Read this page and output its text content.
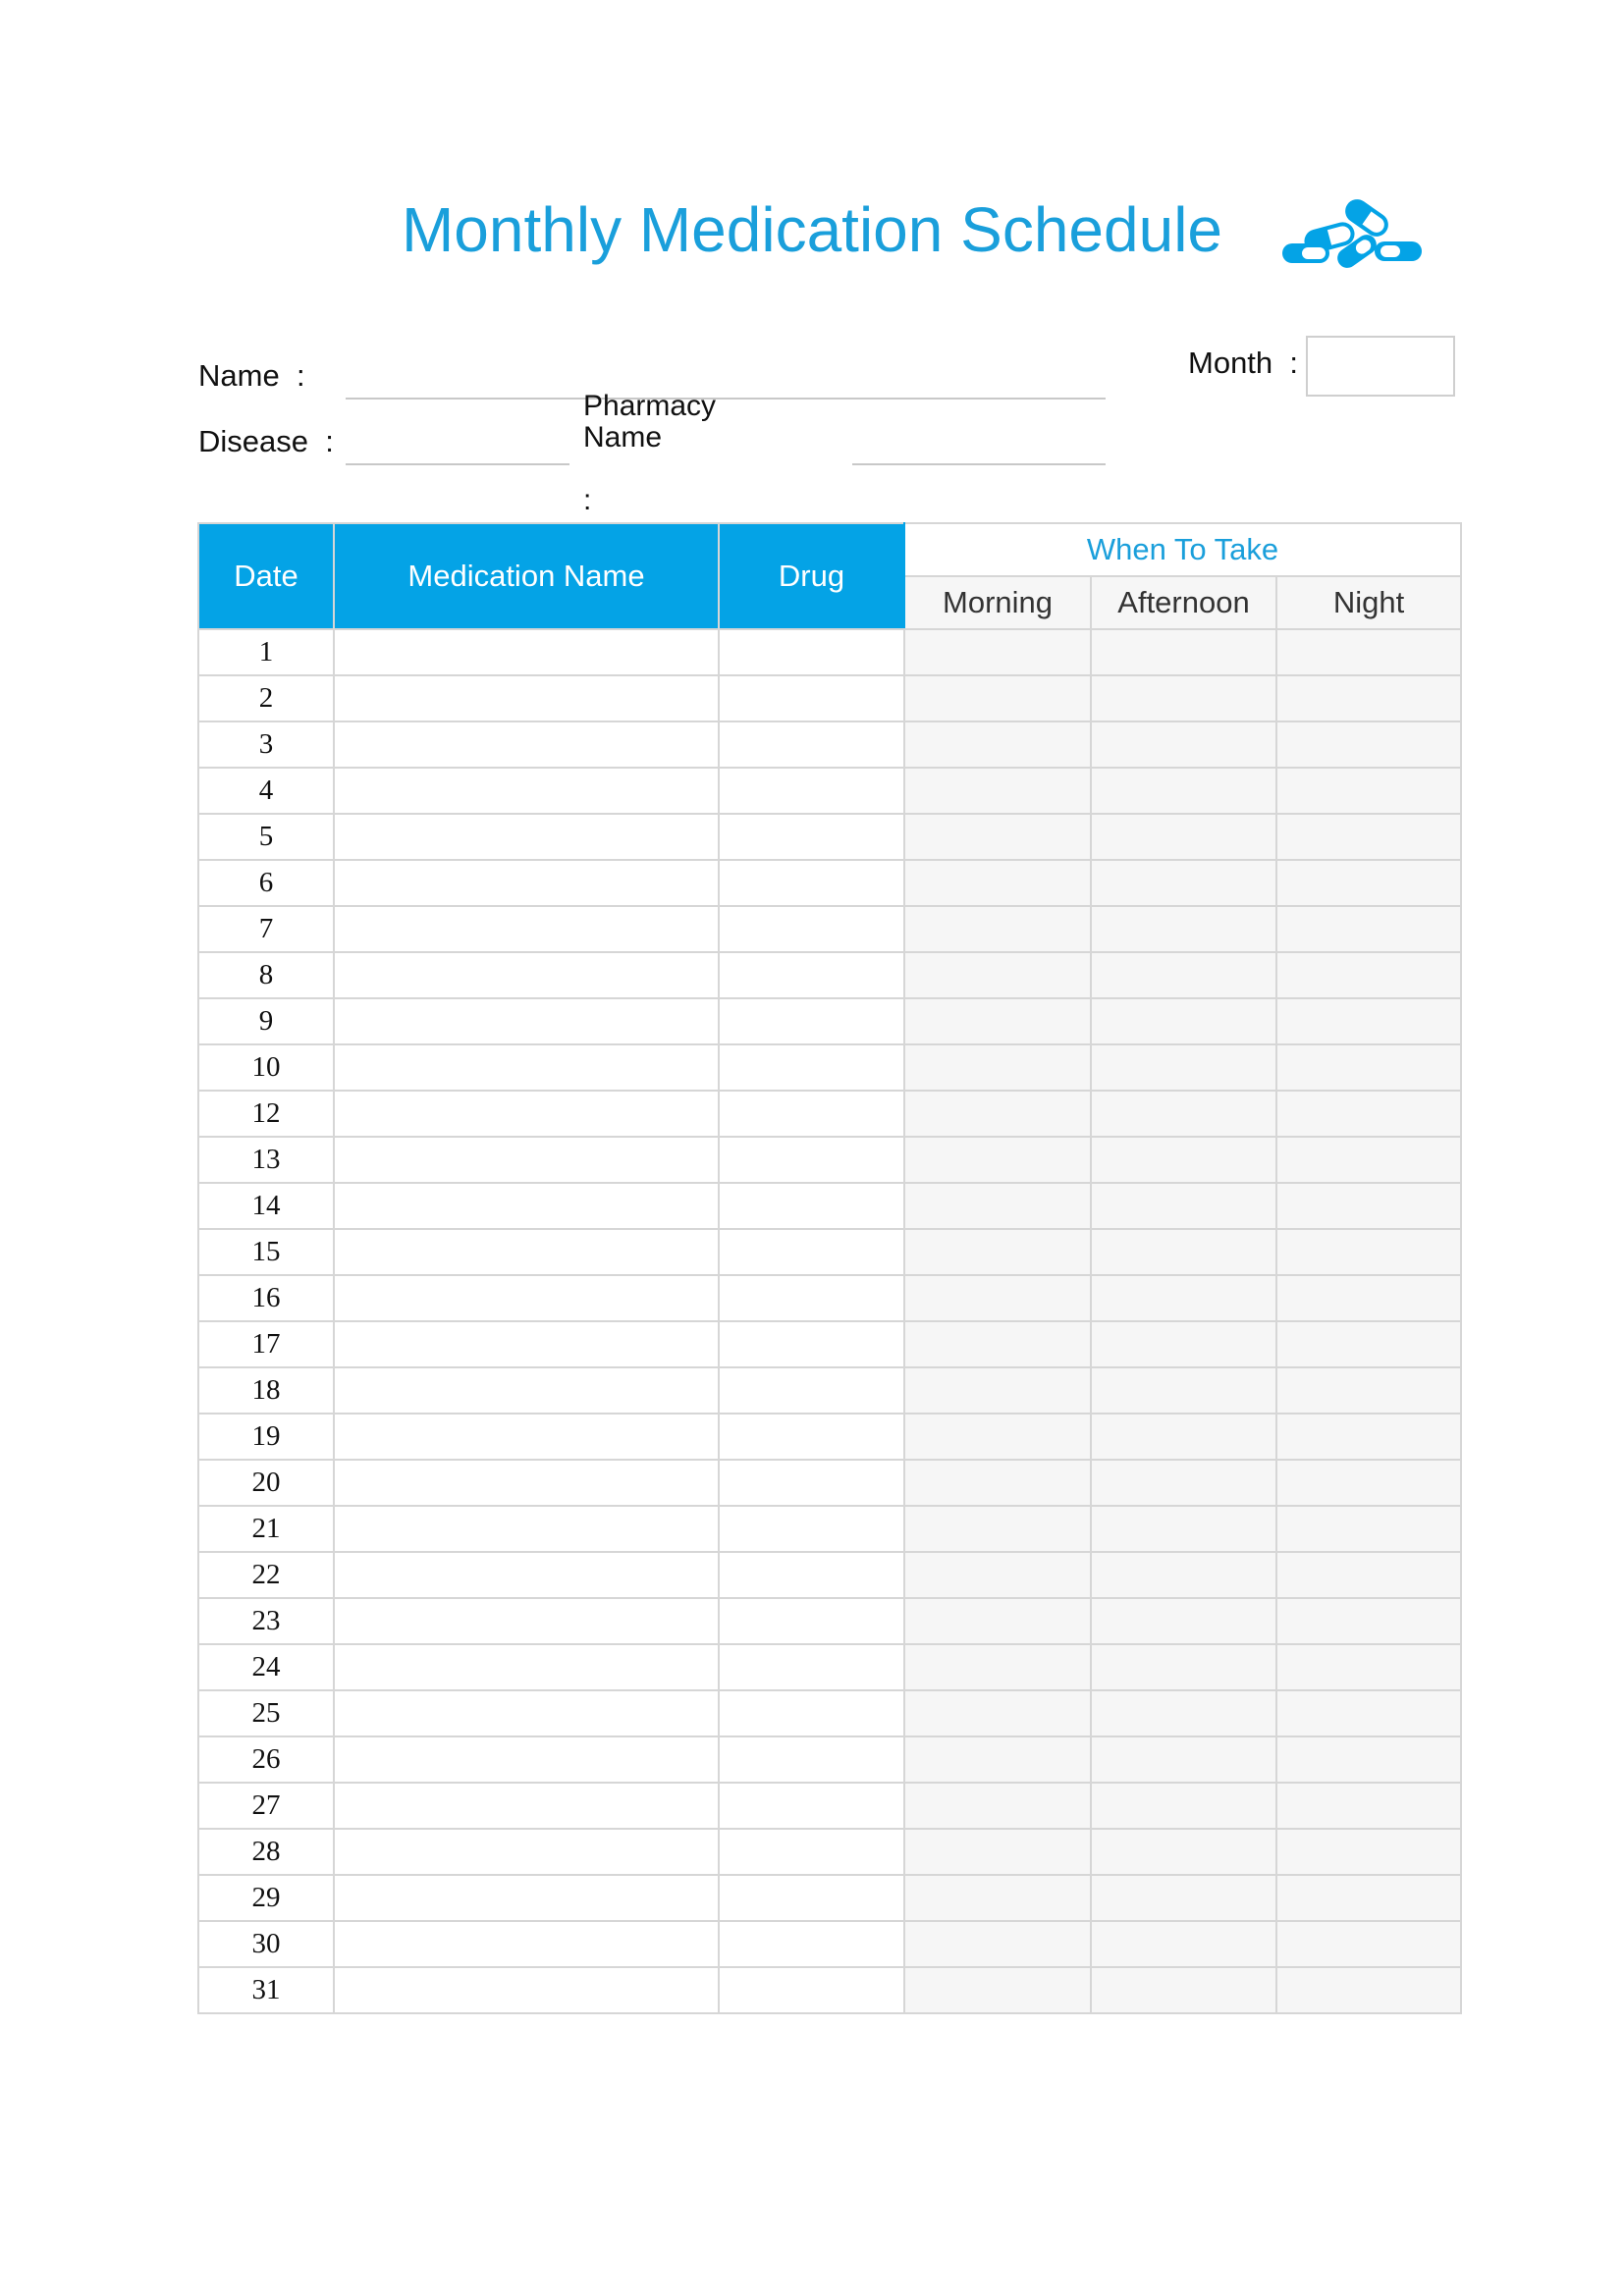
Monthly Medication Schedule
Name :
Disease :
Pharmacy
Name

:
Month :
Date	Medication Name	Drug	When To Take		
			Morning	Afternoon	Night
1					
2					
3					
4					
5					
6					
7					
8					
9					
10					
12					
13					
14					
15					
16					
17					
18					
19					
20					
21					
22					
23					
24					
25					
26					
27					
28					
29					
30					
31					
